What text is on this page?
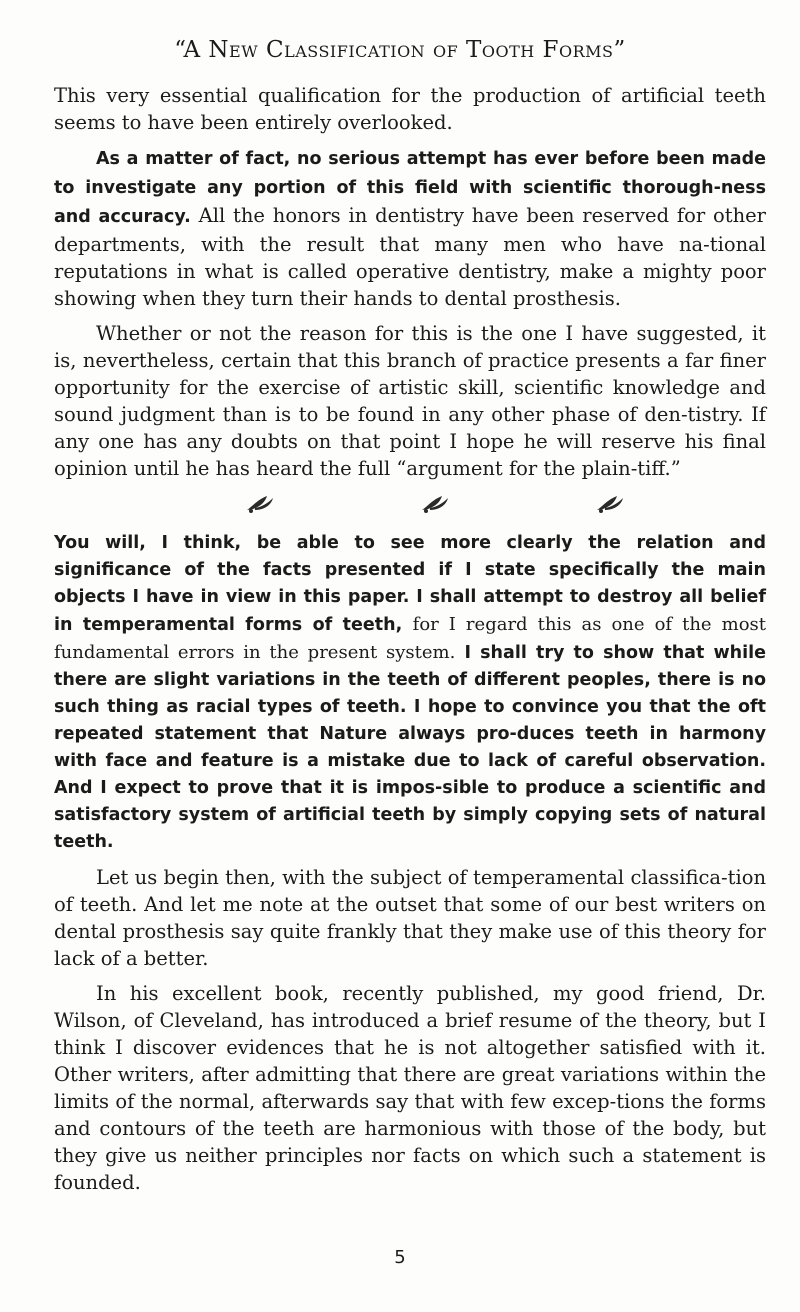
“A New Classification of Tooth Forms”

This very essential qualification for the production of artificial teeth seems to have been entirely overlooked.

As a matter of fact, no serious attempt has ever before been made to investigate any portion of this field with scientific thorough-ness and accuracy. All the honors in dentistry have been reserved for other departments, with the result that many men who have na-tional reputations in what is called operative dentistry, make a mighty poor showing when they turn their hands to dental prosthesis.

Whether or not the reason for this is the one I have suggested, it is, nevertheless, certain that this branch of practice presents a far finer opportunity for the exercise of artistic skill, scientific knowledge and sound judgment than is to be found in any other phase of den-tistry. If any one has any doubts on that point I hope he will reserve his final opinion until he has heard the full “argument for the plain-tiff.”

You will, I think, be able to see more clearly the relation and significance of the facts presented if I state specifically the main objects I have in view in this paper. I shall attempt to destroy all belief in temperamental forms of teeth, for I regard this as one of the most fundamental errors in the present system. I shall try to show that while there are slight variations in the teeth of different peoples, there is no such thing as racial types of teeth. I hope to convince you that the oft repeated statement that Nature always pro-duces teeth in harmony with face and feature is a mistake due to lack of careful observation. And I expect to prove that it is impos-sible to produce a scientific and satisfactory system of artificial teeth by simply copying sets of natural teeth.

Let us begin then, with the subject of temperamental classifica-tion of teeth. And let me note at the outset that some of our best writers on dental prosthesis say quite frankly that they make use of this theory for lack of a better.

In his excellent book, recently published, my good friend, Dr. Wilson, of Cleveland, has introduced a brief resume of the theory, but I think I discover evidences that he is not altogether satisfied with it. Other writers, after admitting that there are great variations within the limits of the normal, afterwards say that with few excep-tions the forms and contours of the teeth are harmonious with those of the body, but they give us neither principles nor facts on which such a statement is founded.

5
